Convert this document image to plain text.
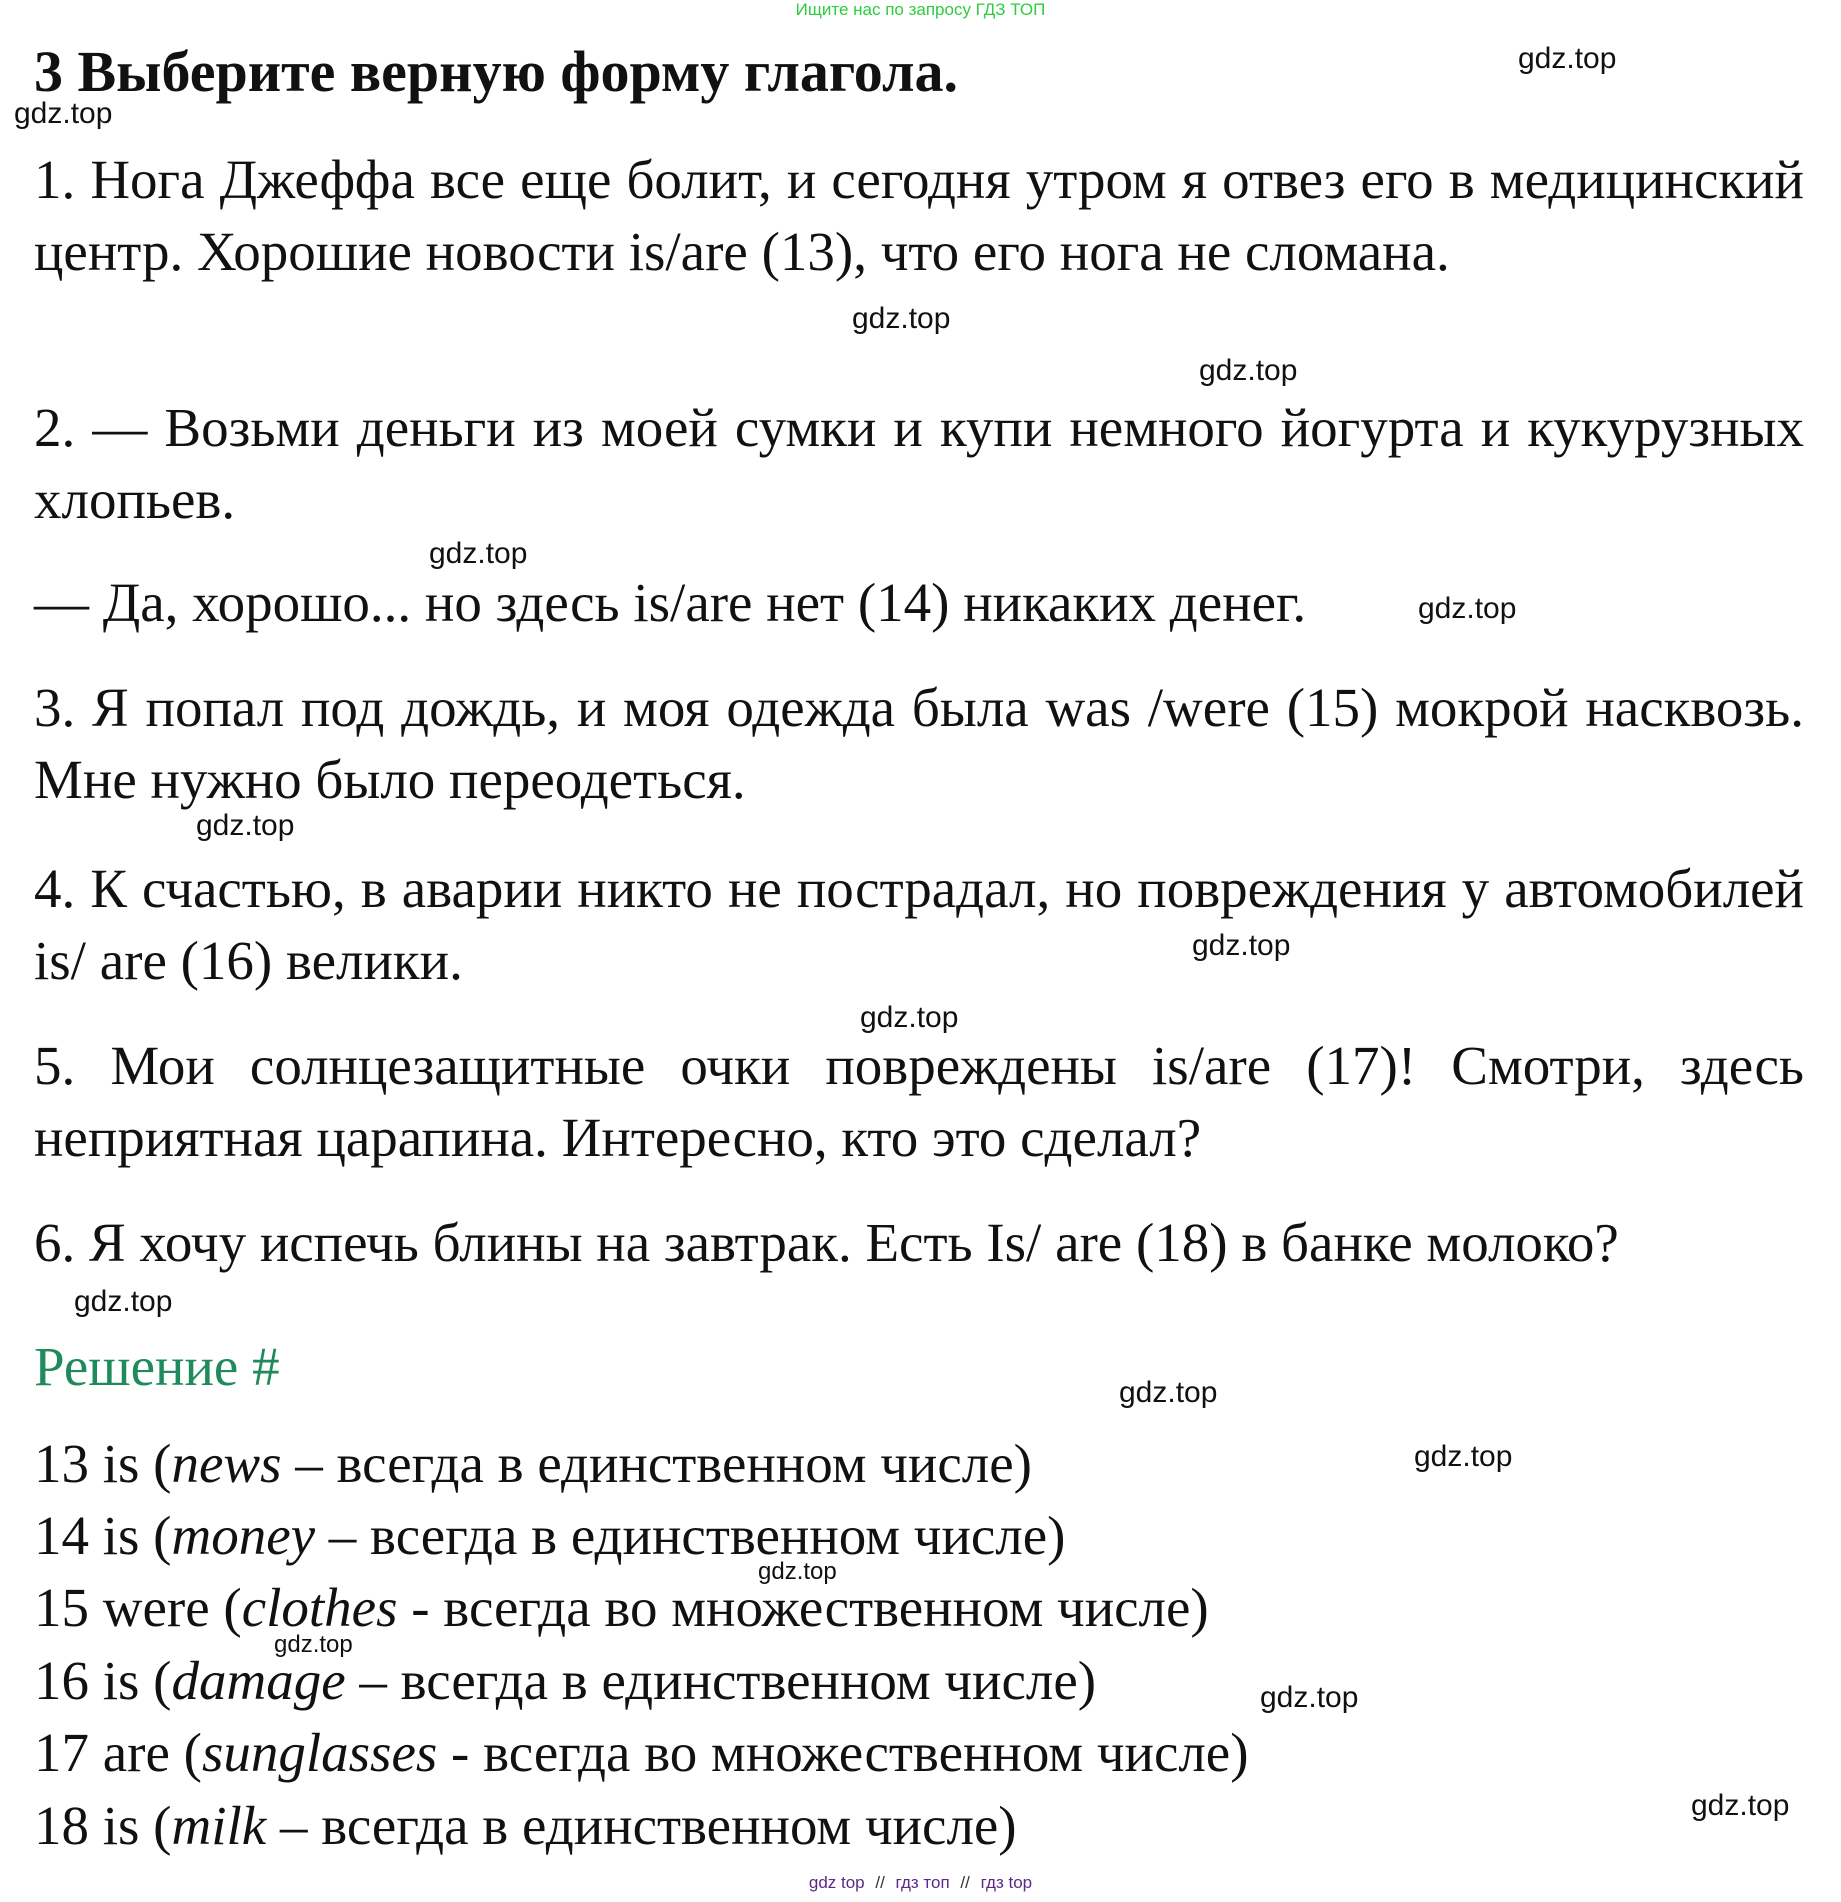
Ищите нас по запросу ГДЗ ТОП
3 Выберите верную форму глагола.

1. Нога Джеффа все еще болит, и сегодня утром я отвез его в медицинский центр. Хорошие новости is/are (13), что его нога не сломана.

2. — Возьми деньги из моей сумки и купи немного йогурта и кукурузных хлопьев.

— Да, хорошо... но здесь is/are нет (14) никаких денег.

3. Я попал под дождь, и моя одежда была was /were (15) мокрой насквозь. Мне нужно было переодеться.

4. К счастью, в аварии никто не пострадал, но повреждения у автомобилей is/ are (16) велики.

5. Мои солнцезащитные очки повреждены is/are (17)! Смотри, здесь неприятная царапина. Интересно, кто это сделал?

6. Я хочу испечь блины на завтрак. Есть Is/ are (18) в банке молоко?

Решение #

13 is (news – всегда в единственном числе)

14 is (money – всегда в единственном числе)

15 were (clothes - всегда во множественном числе)

16 is (damage – всегда в единственном числе)

17 are (sunglasses - всегда во множественном числе)

18 is (milk – всегда в единственном числе)

gdz.top
gdz.top
gdz.top
gdz.top
gdz.top
gdz.top
gdz.top
gdz.top
gdz.top
gdz.top
gdz.top
gdz.top
gdz.top
gdz.top
gdz.top
gdz.top
gdz top // гдз топ // гдз top
